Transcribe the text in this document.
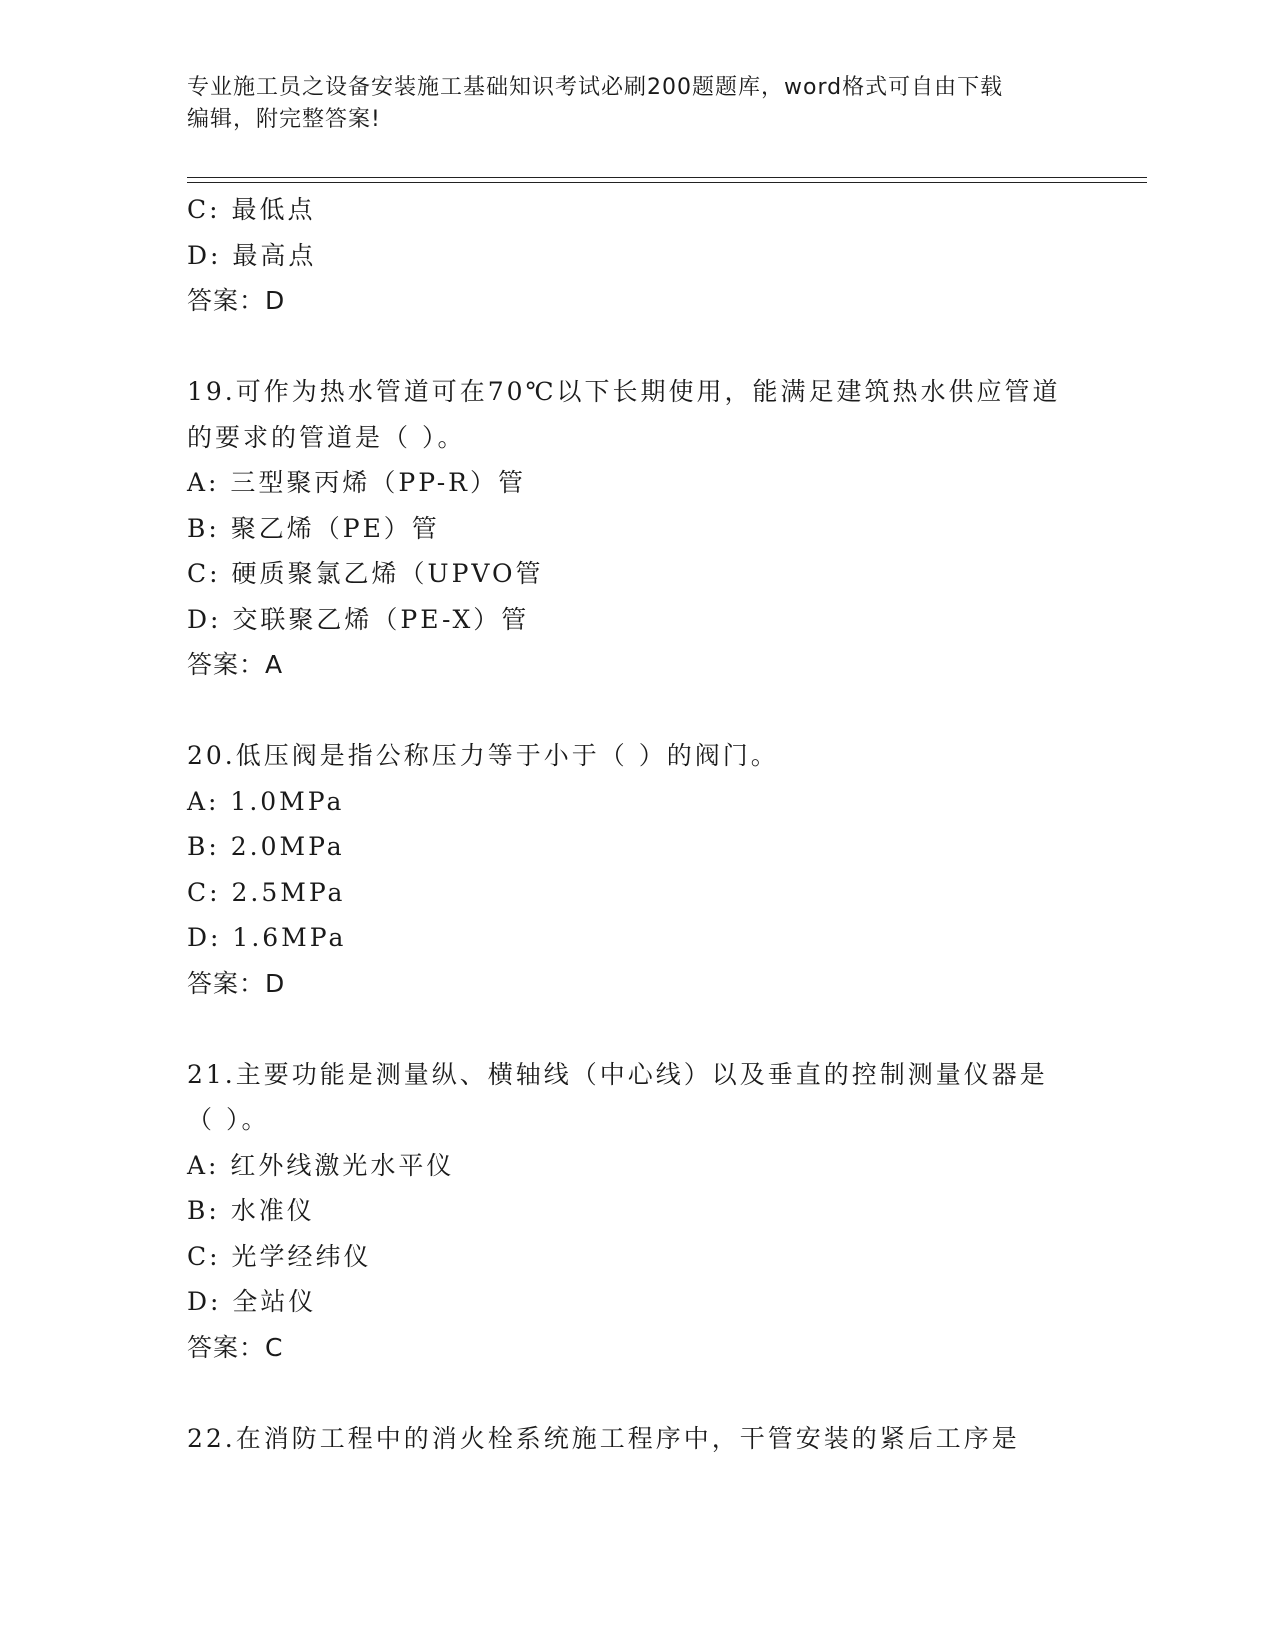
专业施工员之设备安装施工基础知识考试必刷200题题库，word格式可自由下载
编辑，附完整答案!
C: 最低点
D: 最高点
答案：D
19.可作为热水管道可在70℃以下长期使用，能满足建筑热水供应管道
的要求的管道是（ ）。
A: 三型聚丙烯（PP-R）管
B: 聚乙烯（PE）管
C: 硬质聚氯乙烯（UPVO管
D: 交联聚乙烯（PE-X）管
答案：A
20.低压阀是指公称压力等于小于（ ）的阀门。
A: 1.0MPa
B: 2.0MPa
C: 2.5MPa
D: 1.6MPa
答案：D
21.主要功能是测量纵、横轴线（中心线）以及垂直的控制测量仪器是
（ ）。
A: 红外线激光水平仪
B: 水准仪
C: 光学经纬仪
D: 全站仪
答案：C
22.在消防工程中的消火栓系统施工程序中，干管安装的紧后工序是
